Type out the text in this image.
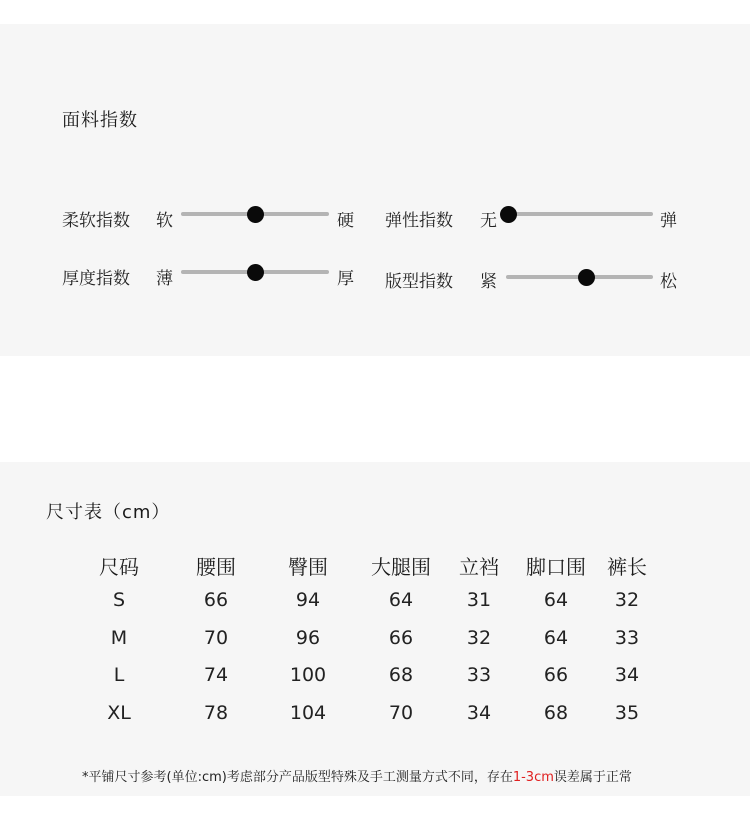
面料指数
柔软指数 软	硬 弹性指数 无	弹
厚度指数 薄	厚 版型指数 紧	松
尺寸表（cm）
尺码	腰围	臀围 大腿围 立裆 脚口围 裤长
S	66	94	64	31	64 32
M	70	96	66	32	64 33
L	74	100	68	33	66 34
XL	78	104	70	34	68 35
*平铺尺寸参考(单位:cm)考虑部分产品版型特殊及手工测量方式不同，存在1-3cm误差属于正常
